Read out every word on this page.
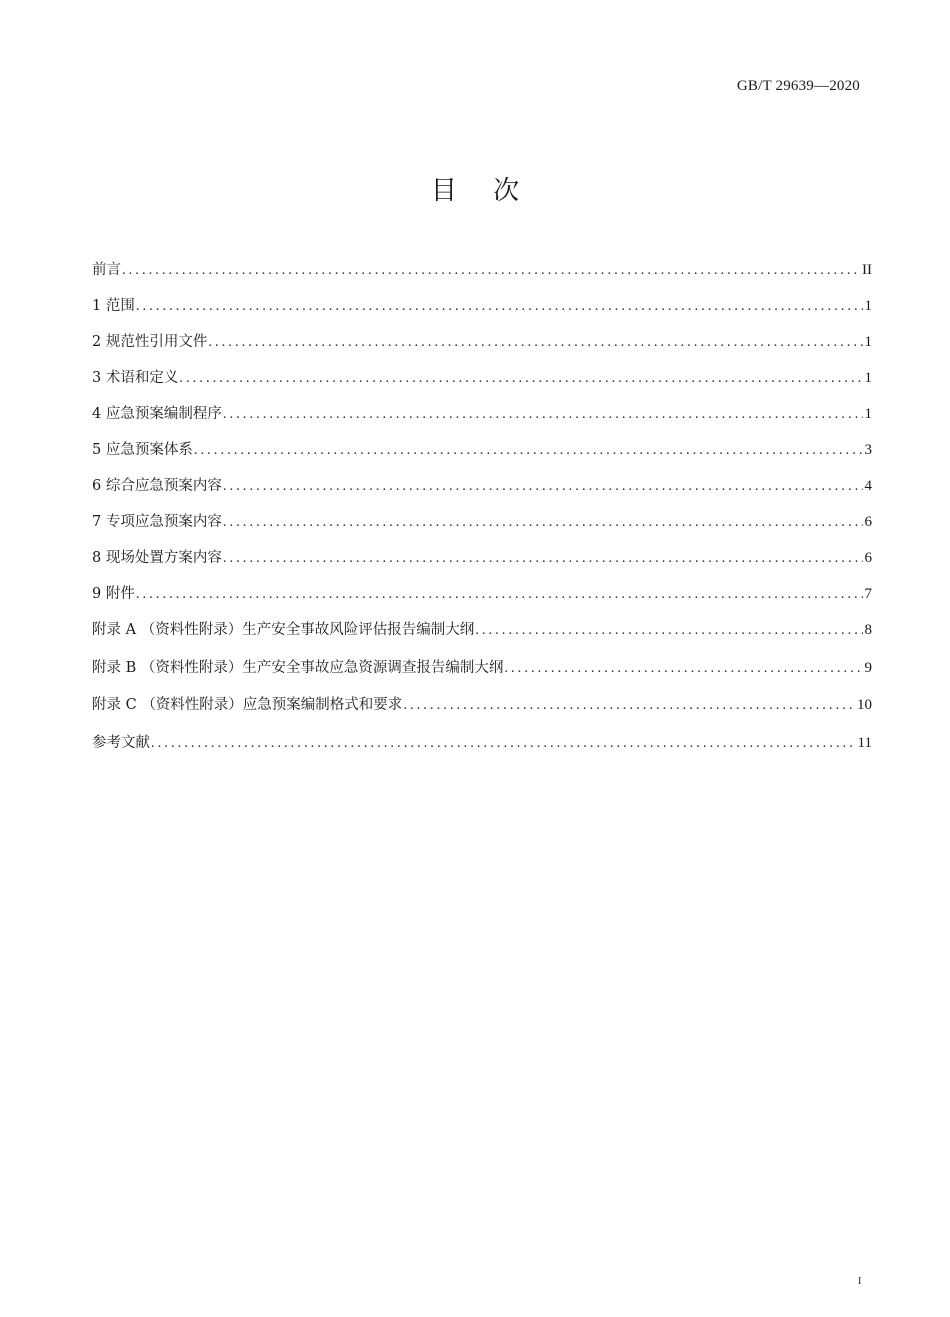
GB/T 29639—2020
目 次
前言 . . .	II
1 范围 . . .	1
2 规范性引用文件 . . .	1
3 术语和定义 . . .	1
4 应急预案编制程序 . . .	1
5 应急预案体系 . . .	3
6 综合应急预案内容 . . .	4
7 专项应急预案内容 . . .	6
8 现场处置方案内容 . . .	6
9 附件 . . .	7
附录 A （资料性附录）生产安全事故风险评估报告编制大纲 . . .	8
附录 B （资料性附录）生产安全事故应急资源调查报告编制大纲 . . .	9
附录 C （资料性附录）应急预案编制格式和要求 . . .	10
参考文献 . . .	11
I
